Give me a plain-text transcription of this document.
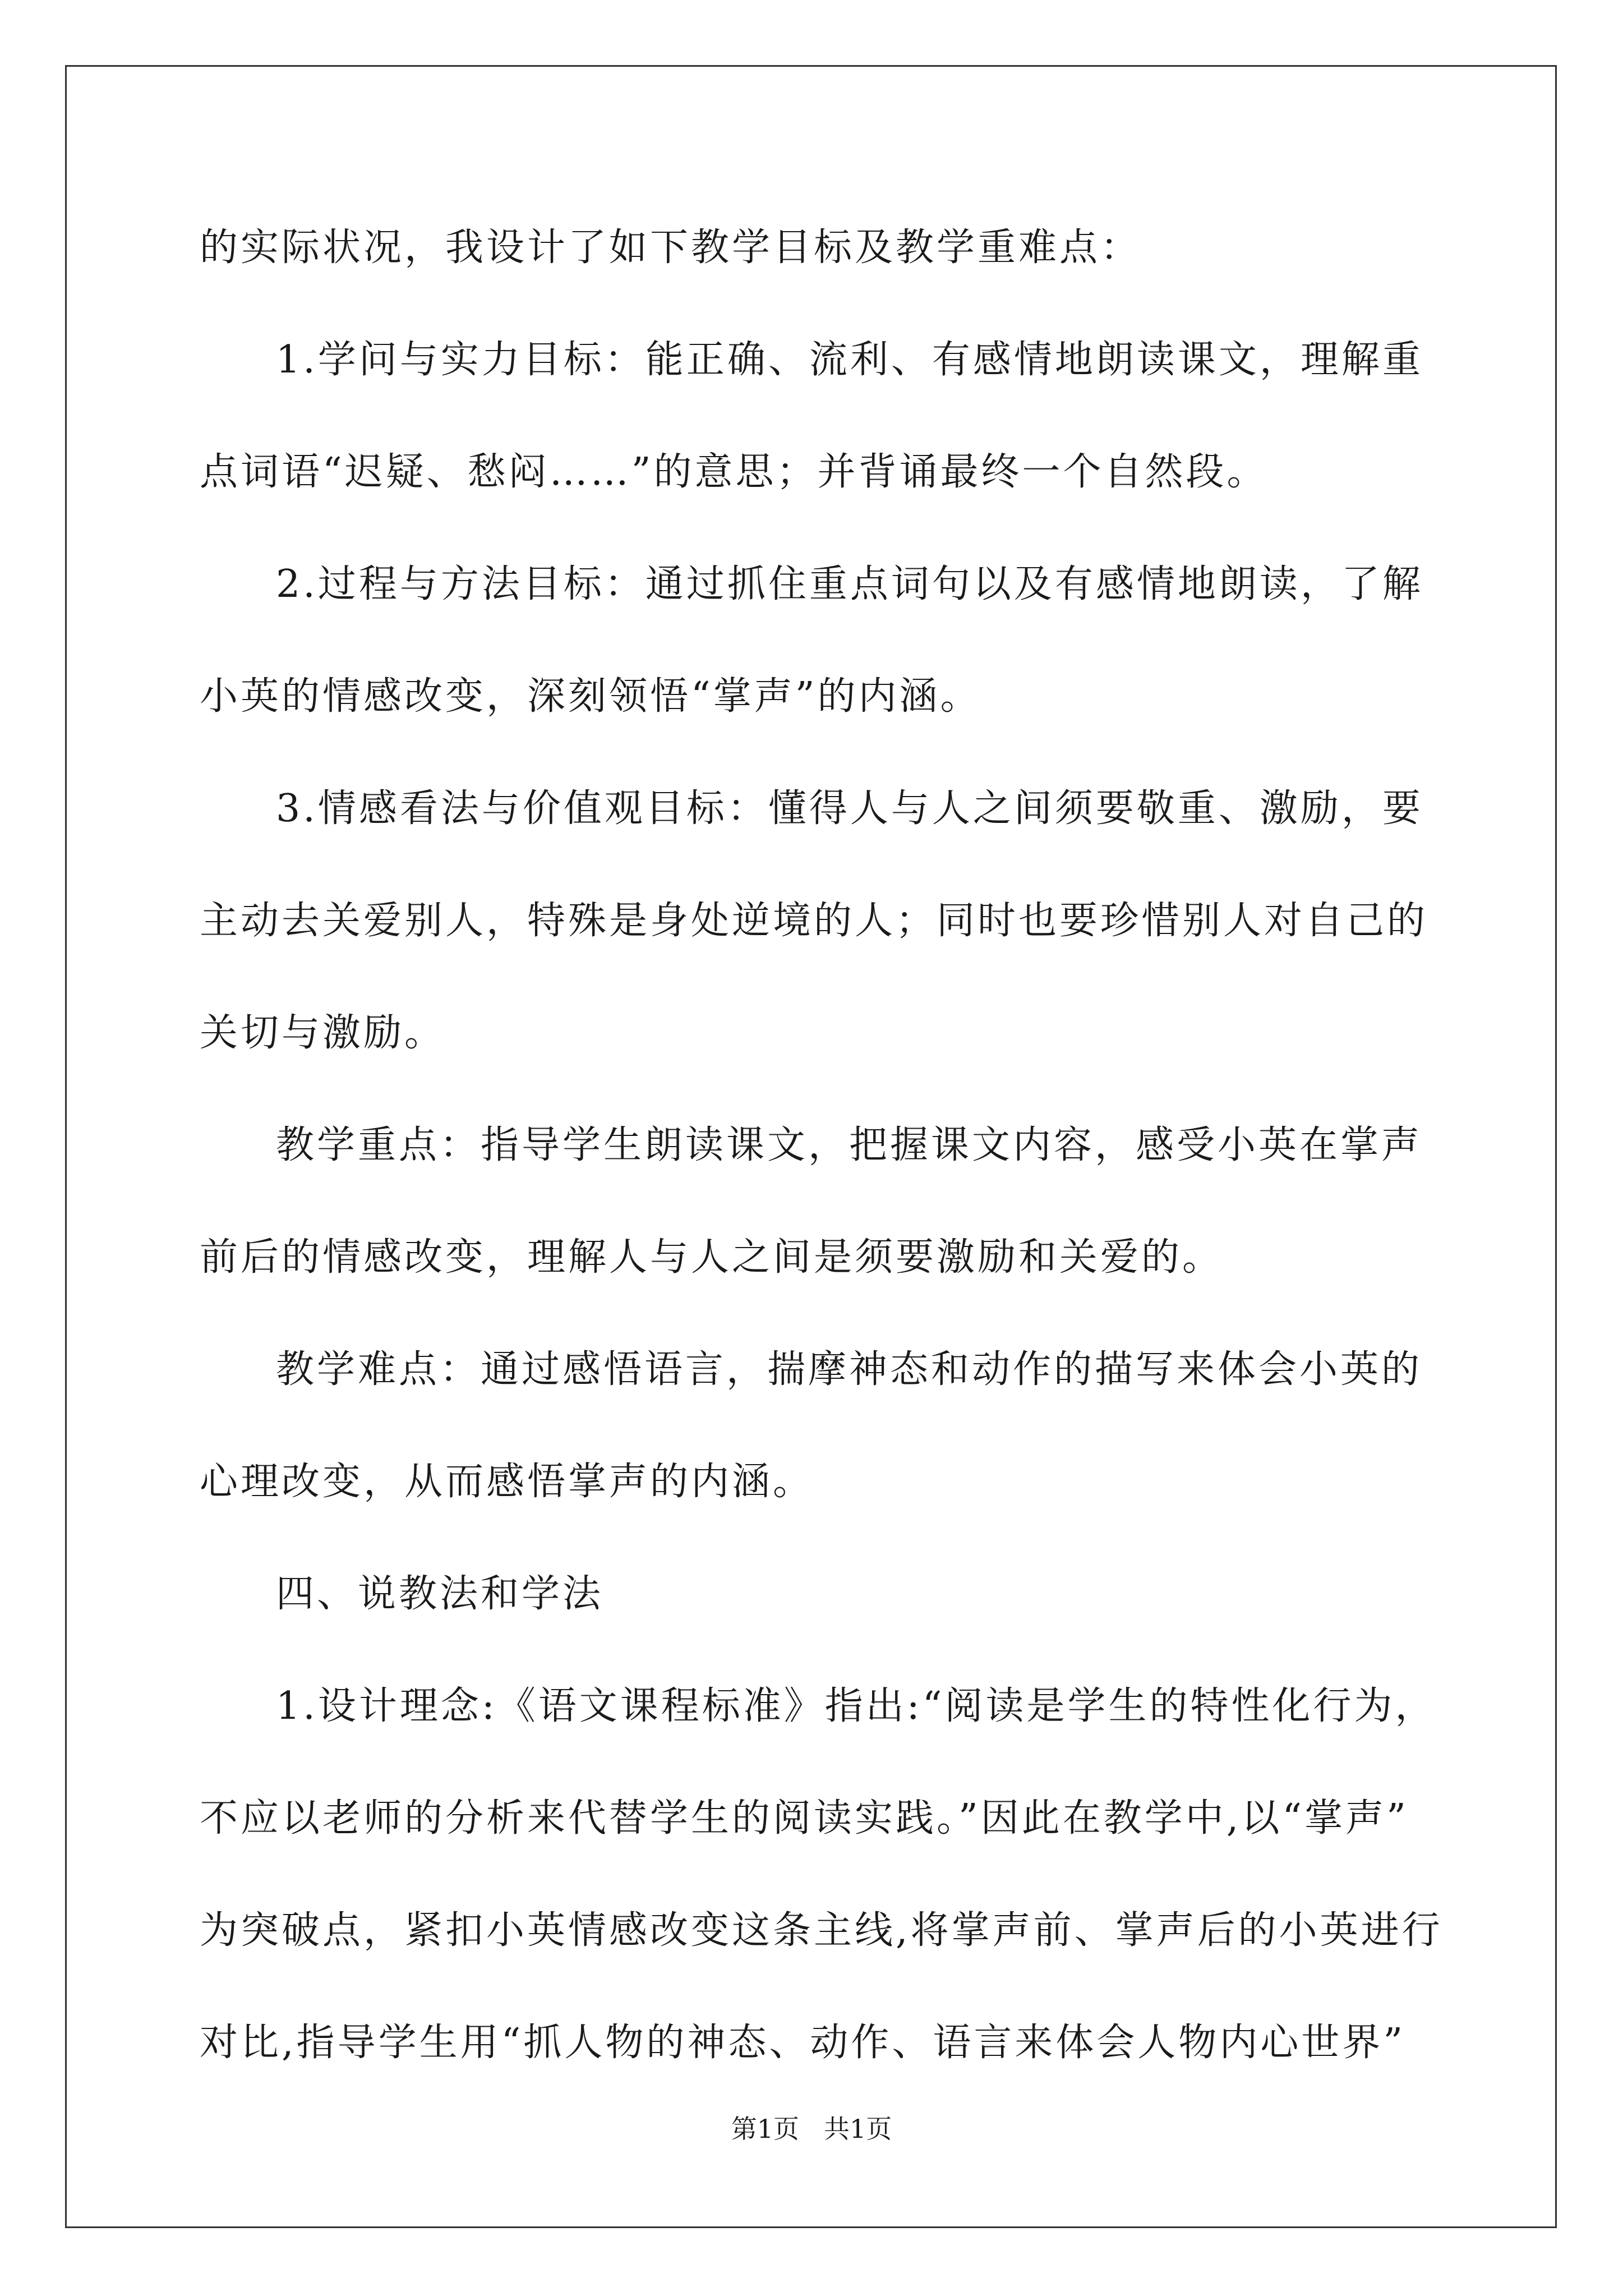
的实际状况，我设计了如下教学目标及教学重难点：
1.学问与实力目标：能正确、流利、有感情地朗读课文，理解重
点词语“迟疑、愁闷……”的意思；并背诵最终一个自然段。
2.过程与方法目标：通过抓住重点词句以及有感情地朗读，了解
小英的情感改变，深刻领悟“掌声”的内涵。
3.情感看法与价值观目标：懂得人与人之间须要敬重、激励，要
主动去关爱别人，特殊是身处逆境的人；同时也要珍惜别人对自己的
关切与激励。
教学重点：指导学生朗读课文，把握课文内容，感受小英在掌声
前后的情感改变，理解人与人之间是须要激励和关爱的。
教学难点：通过感悟语言，揣摩神态和动作的描写来体会小英的
心理改变，从而感悟掌声的内涵。
四、说教法和学法
1.设计理念:《语文课程标准》指出:“阅读是学生的特性化行为，
不应以老师的分析来代替学生的阅读实践。”因此在教学中,以“掌声”
为突破点，紧扣小英情感改变这条主线,将掌声前、掌声后的小英进行
对比,指导学生用“抓人物的神态、动作、语言来体会人物内心世界”
第1页 共1页
